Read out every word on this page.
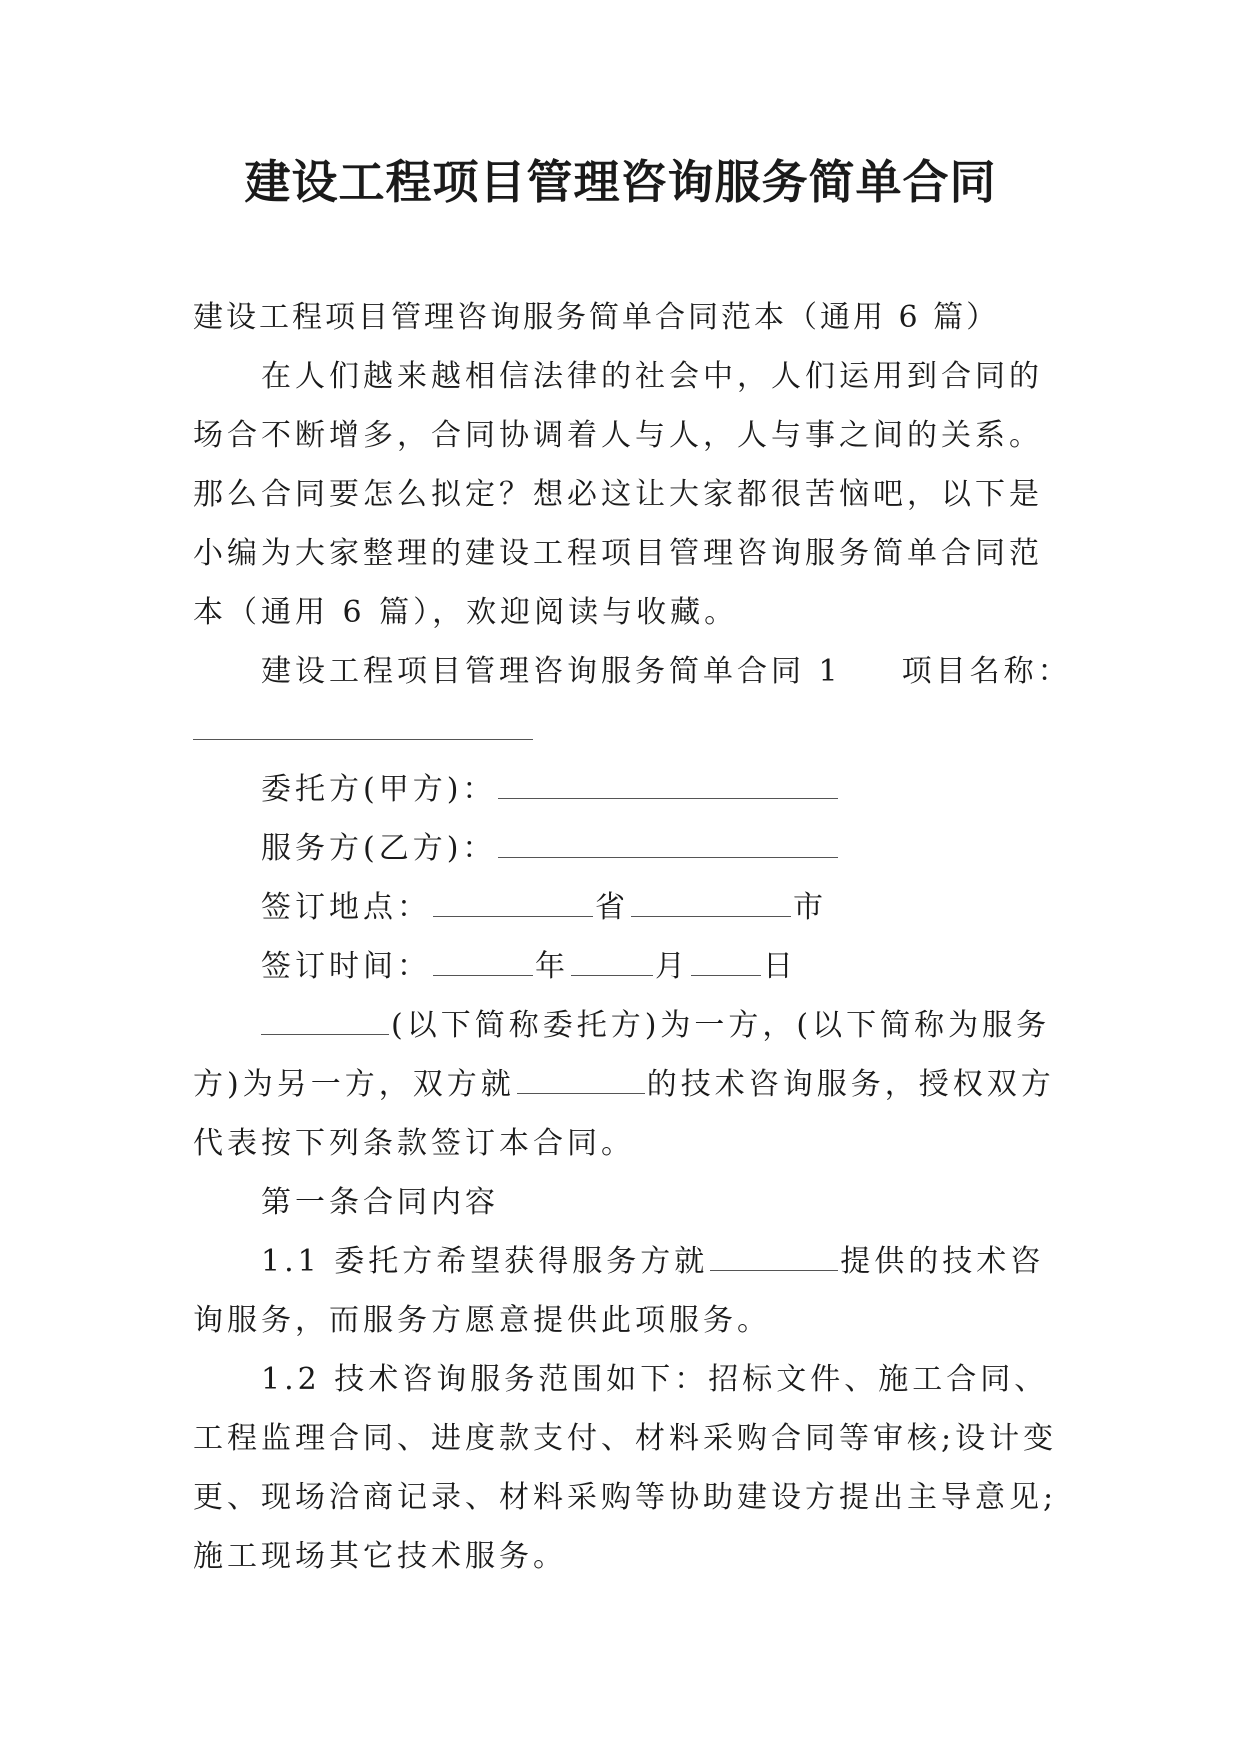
建设工程项目管理咨询服务简单合同

建设工程项目管理咨询服务简单合同范本（通用 6 篇）

在人们越来越相信法律的社会中，人们运用到合同的场合不断增多，合同协调着人与人，人与事之间的关系。那么合同要怎么拟定？想必这让大家都很苦恼吧，以下是小编为大家整理的建设工程项目管理咨询服务简单合同范本（通用 6 篇），欢迎阅读与收藏。

建设工程项目管理咨询服务简单合同 1 项目名称：

委托方(甲方)：

服务方(乙方)：

签订地点：	省	市

签订时间：	年	月 日

(以下简称委托方)为一方，(以下简称为服务方)为另一方，双方就	的技术咨询服务，授权双方代表按下列条款签订本合同。

第一条合同内容

1.1 委托方希望获得服务方就	提供的技术咨询服务，而服务方愿意提供此项服务。

1.2 技术咨询服务范围如下：招标文件、施工合同、工程监理合同、进度款支付、材料采购合同等审核;设计变更、现场洽商记录、材料采购等协助建设方提出主导意见;施工现场其它技术服务。
